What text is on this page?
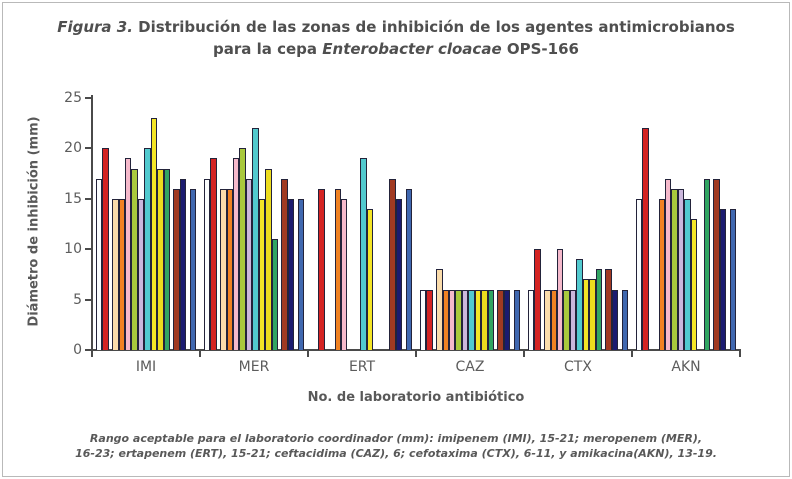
Figura 3. Distribución de las zonas de inhibición de los agentes antimicrobianos
para la cepa Enterobacter cloacae OPS-166
Diámetro de inhibición (mm)
0
5
10
15
20
25
IMI	MER	ERT	CAZ	CTX	AKN
No. de laboratorio antibiótico
Rango aceptable para el laboratorio coordinador (mm): imipenem (IMI), 15-21; meropenem (MER),
16-23; ertapenem (ERT), 15-21; ceftacidima (CAZ), 6; cefotaxima (CTX), 6-11, y amikacina(AKN), 13-19.
